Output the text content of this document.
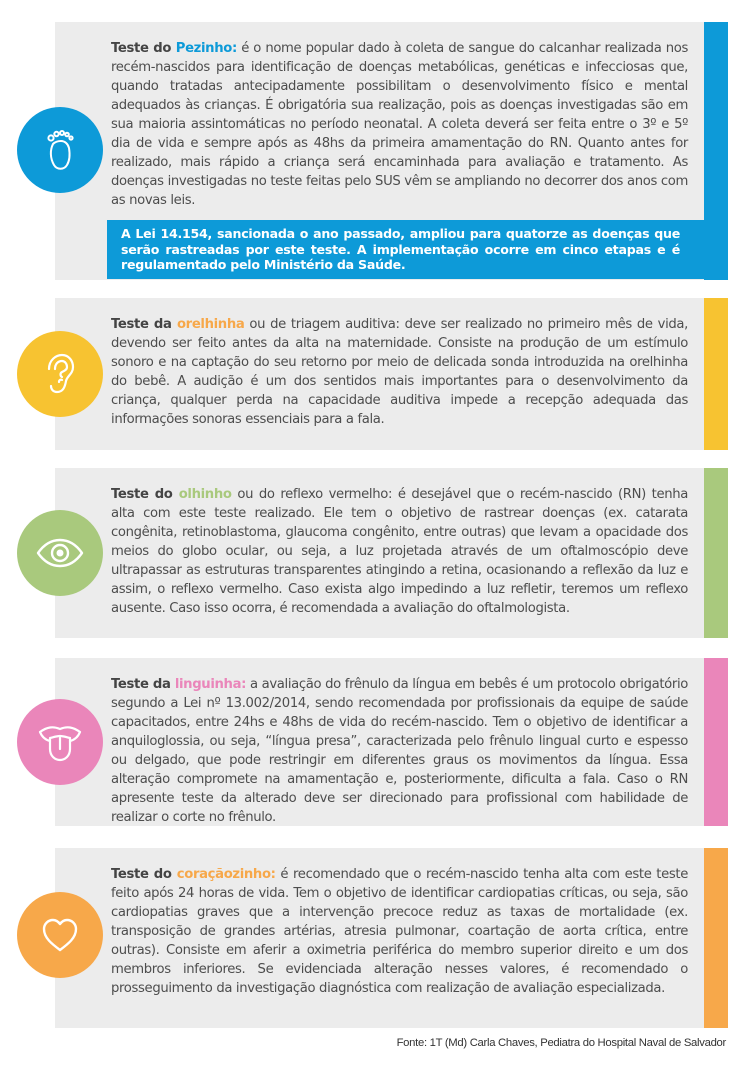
Teste do Pezinho: é o nome popular dado à coleta de sangue do calcanhar realizada nos recém-nascidos para identificação de doenças metabólicas, genéticas e infecciosas que, quando tratadas antecipadamente possibilitam o desenvolvimento físico e mental adequados às crianças. É obrigatória sua realização, pois as doenças investigadas são em sua maioria assintomáticas no período neonatal. A coleta deverá ser feita entre o 3º e 5º dia de vida e sempre após as 48hs da primeira amamentação do RN. Quanto antes for realizado, mais rápido a criança será encaminhada para avaliação e tratamento. As doenças investigadas no teste feitas pelo SUS vêm se ampliando no decorrer dos anos com as novas leis.
A Lei 14.154, sancionada o ano passado, ampliou para quatorze as doenças que serão rastreadas por este teste. A implementação ocorre em cinco etapas e é regulamentado pelo Ministério da Saúde.
Teste da orelhinha ou de triagem auditiva: deve ser realizado no primeiro mês de vida, devendo ser feito antes da alta na maternidade. Consiste na produção de um estímulo sonoro e na captação do seu retorno por meio de delicada sonda introduzida na orelhinha do bebê. A audição é um dos sentidos mais importantes para o desenvolvimento da criança, qualquer perda na capacidade auditiva impede a recepção adequada das informações sonoras essenciais para a fala.
Teste do olhinho ou do reflexo vermelho: é desejável que o recém-nascido (RN) tenha alta com este teste realizado. Ele tem o objetivo de rastrear doenças (ex. catarata congênita, retinoblastoma, glaucoma congênito, entre outras) que levam a opacidade dos meios do globo ocular, ou seja, a luz projetada através de um oftalmoscópio deve ultrapassar as estruturas transparentes atingindo a retina, ocasionando a reflexão da luz e assim, o reflexo vermelho. Caso exista algo impedindo a luz refletir, teremos um reflexo ausente. Caso isso ocorra, é recomendada a avaliação do oftalmologista.
Teste da linguinha: a avaliação do frênulo da língua em bebês é um protocolo obrigatório segundo a Lei nº 13.002/2014, sendo recomendada por profissionais da equipe de saúde capacitados, entre 24hs e 48hs de vida do recém-nascido. Tem o objetivo de identificar a anquiloglossia, ou seja, “língua presa”, caracterizada pelo frênulo lingual curto e espesso ou delgado, que pode restringir em diferentes graus os movimentos da língua. Essa alteração compromete na amamentação e, posteriormente, dificulta a fala. Caso o RN apresente teste da alterado deve ser direcionado para profissional com habilidade de realizar o corte no frênulo.
Teste do coraçãozinho: é recomendado que o recém-nascido tenha alta com este teste feito após 24 horas de vida. Tem o objetivo de identificar cardiopatias críticas, ou seja, são cardiopatias graves que a intervenção precoce reduz as taxas de mortalidade (ex. transposição de grandes artérias, atresia pulmonar, coartação de aorta crítica, entre outras). Consiste em aferir a oximetria periférica do membro superior direito e um dos membros inferiores. Se evidenciada alteração nesses valores, é recomendado o prosseguimento da investigação diagnóstica com realização de avaliação especializada.
Fonte: 1T (Md) Carla Chaves, Pediatra do Hospital Naval de Salvador
